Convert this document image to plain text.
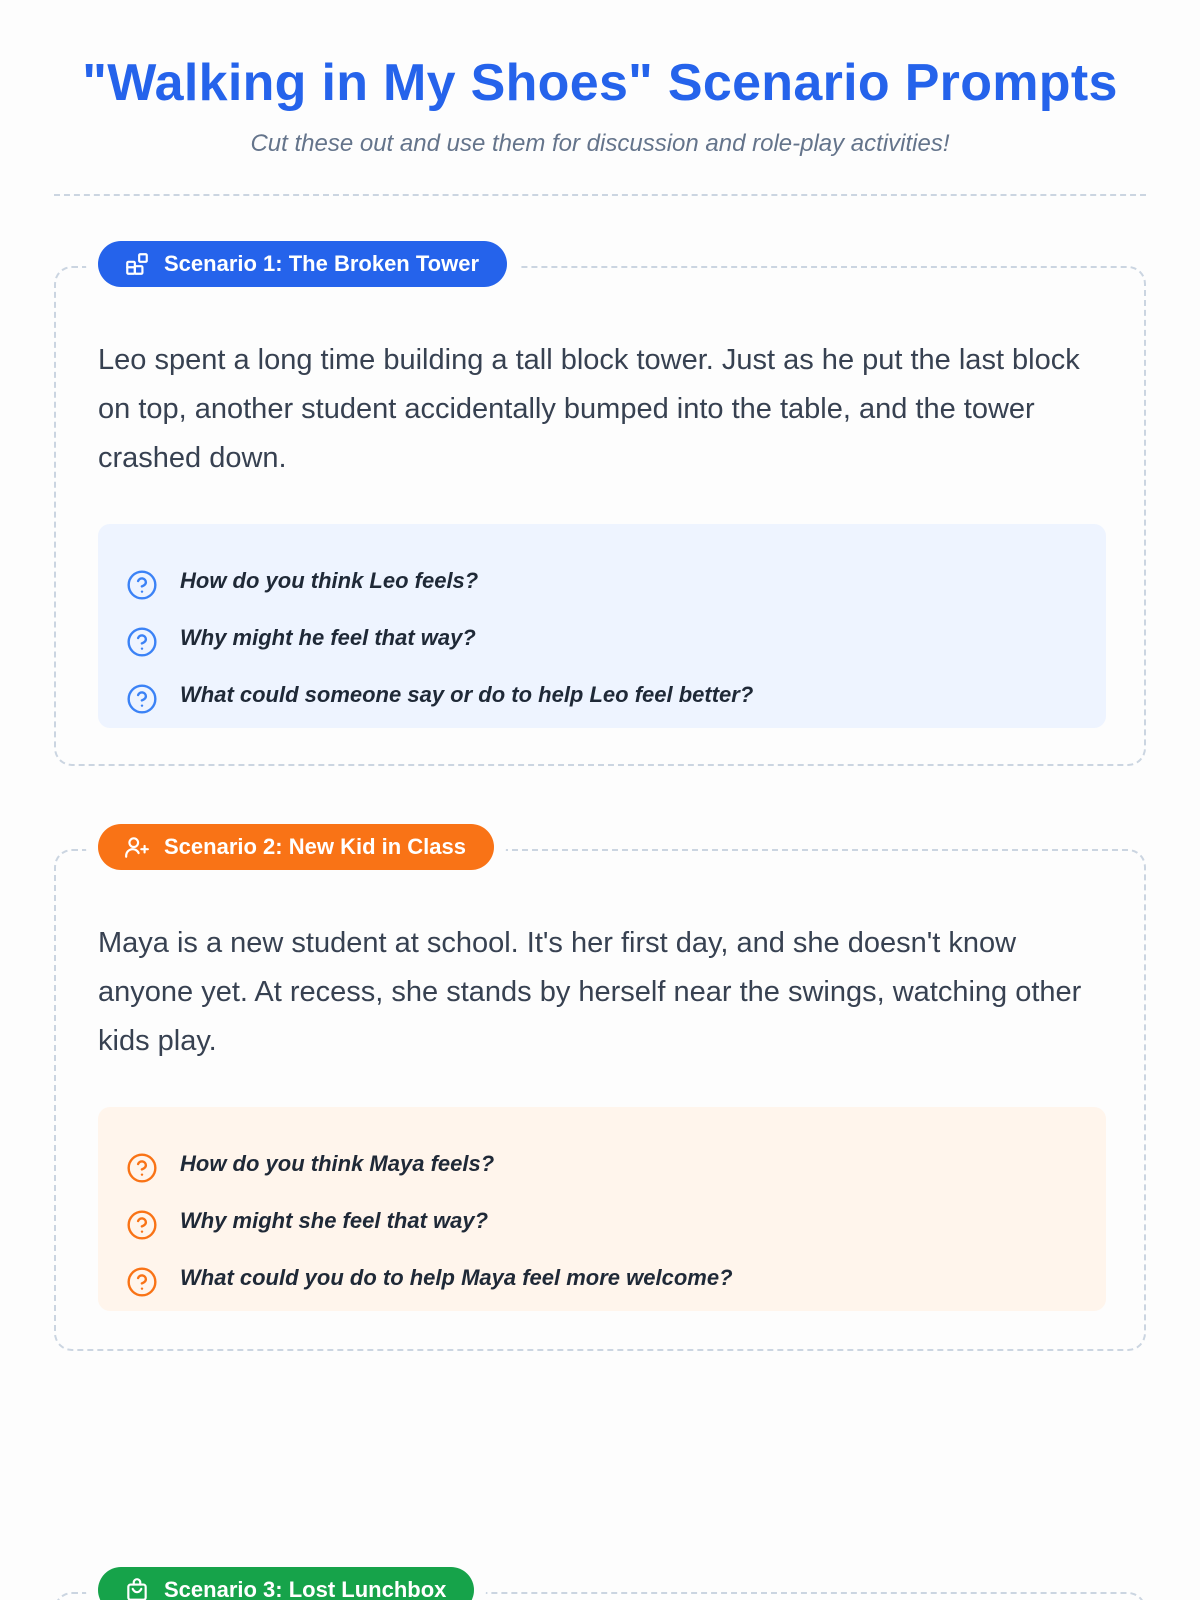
"Walking in My Shoes" Scenario Prompts

Cut these out and use them for discussion and role-play activities!

Scenario 1: The Broken Tower

Leo spent a long time building a tall block tower. Just as he put the last block on top, another student accidentally bumped into the table, and the tower crashed down.

How do you think Leo feels?
Why might he feel that way?
What could someone say or do to help Leo feel better?
Scenario 2: New Kid in Class

Maya is a new student at school. It's her first day, and she doesn't know anyone yet. At recess, she stands by herself near the swings, watching other kids play.

How do you think Maya feels?
Why might she feel that way?
What could you do to help Maya feel more welcome?
Scenario 3: Lost Lunchbox
